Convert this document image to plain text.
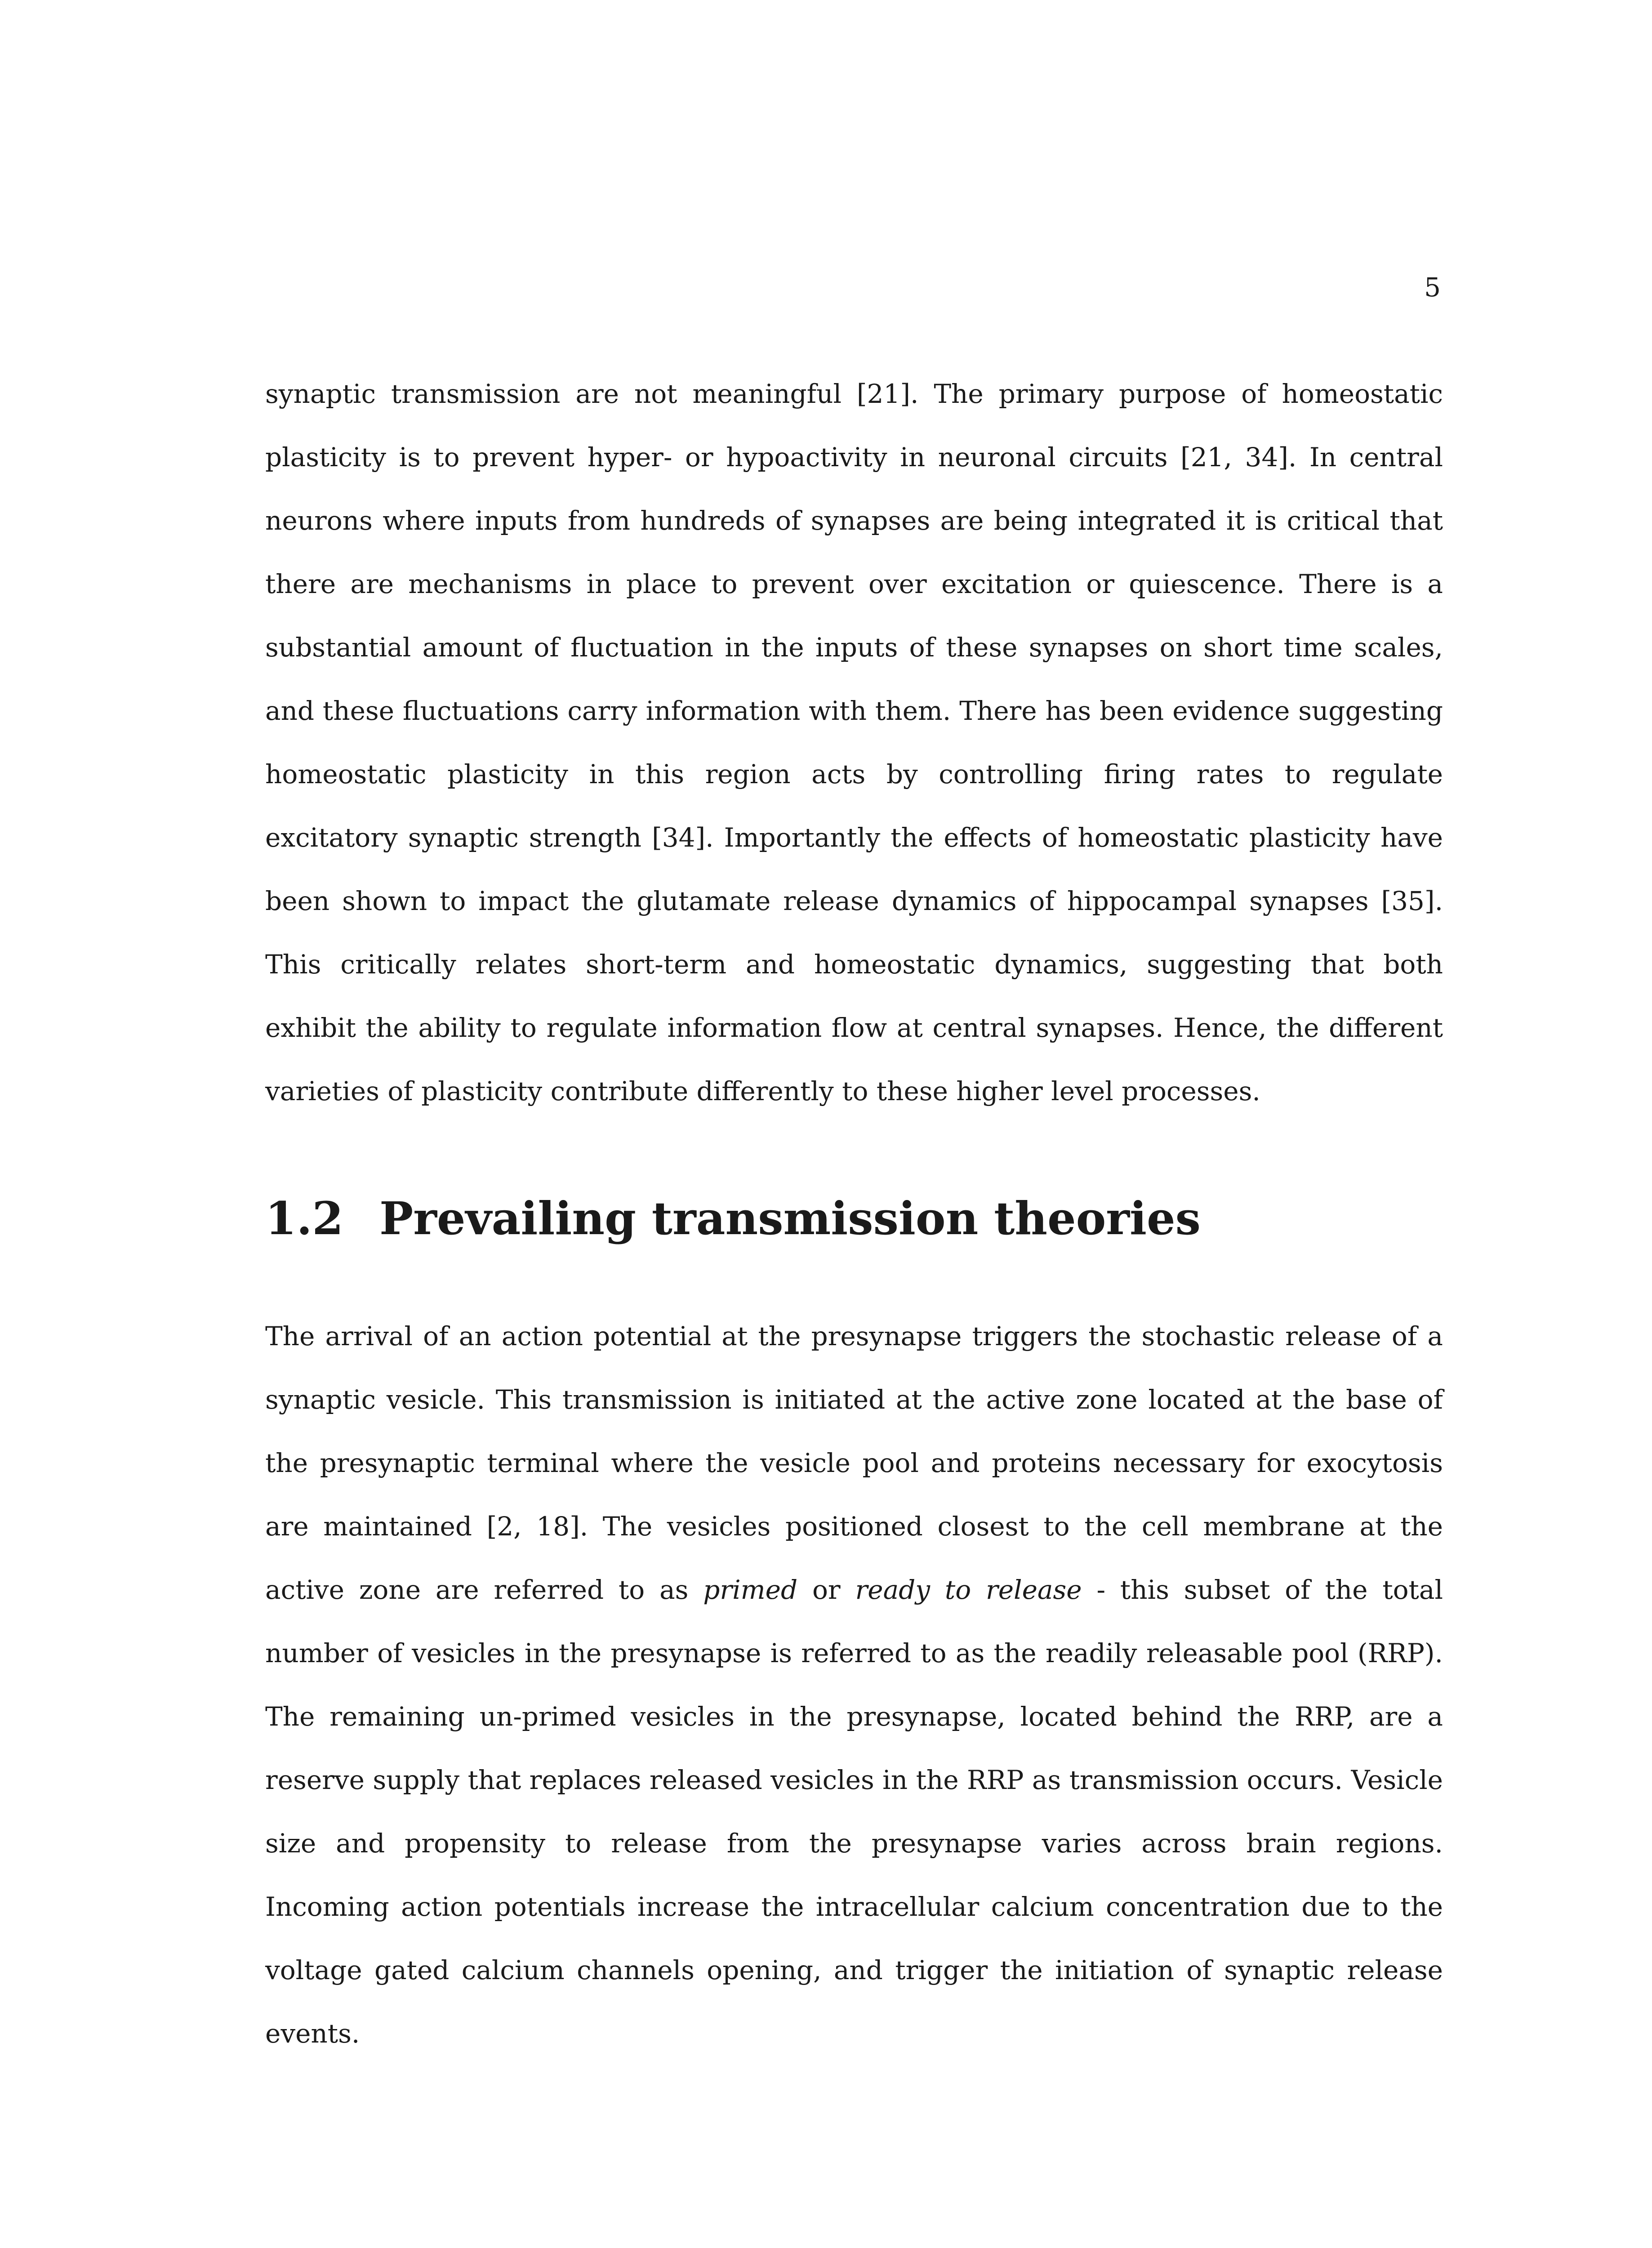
5

synaptic transmission are not meaningful [21]. The primary purpose of homeostatic plasticity is to prevent hyper- or hypoactivity in neuronal circuits [21, 34]. In central neurons where inputs from hundreds of synapses are being integrated it is critical that there are mechanisms in place to prevent over excitation or quiescence. There is a substantial amount of fluctuation in the inputs of these synapses on short time scales, and these fluctuations carry information with them. There has been evidence suggesting homeostatic plasticity in this region acts by controlling firing rates to regulate excitatory synaptic strength [34]. Importantly the effects of homeostatic plasticity have been shown to impact the glutamate release dynamics of hippocampal synapses [35]. This critically relates short-term and homeostatic dynamics, suggesting that both exhibit the ability to regulate information flow at central synapses. Hence, the different varieties of plasticity contribute differently to these higher level processes.

1.2 Prevailing transmission theories

The arrival of an action potential at the presynapse triggers the stochastic release of a synaptic vesicle. This transmission is initiated at the active zone located at the base of the presynaptic terminal where the vesicle pool and proteins necessary for exocytosis are maintained [2, 18]. The vesicles positioned closest to the cell membrane at the active zone are referred to as primed or ready to release - this subset of the total number of vesicles in the presynapse is referred to as the readily releasable pool (RRP). The remaining un-primed vesicles in the presynapse, located behind the RRP, are a reserve supply that replaces released vesicles in the RRP as transmission occurs. Vesicle size and propensity to release from the presynapse varies across brain regions. Incoming action potentials increase the intracellular calcium concentration due to the voltage gated calcium channels opening, and trigger the initiation of synaptic release events.
